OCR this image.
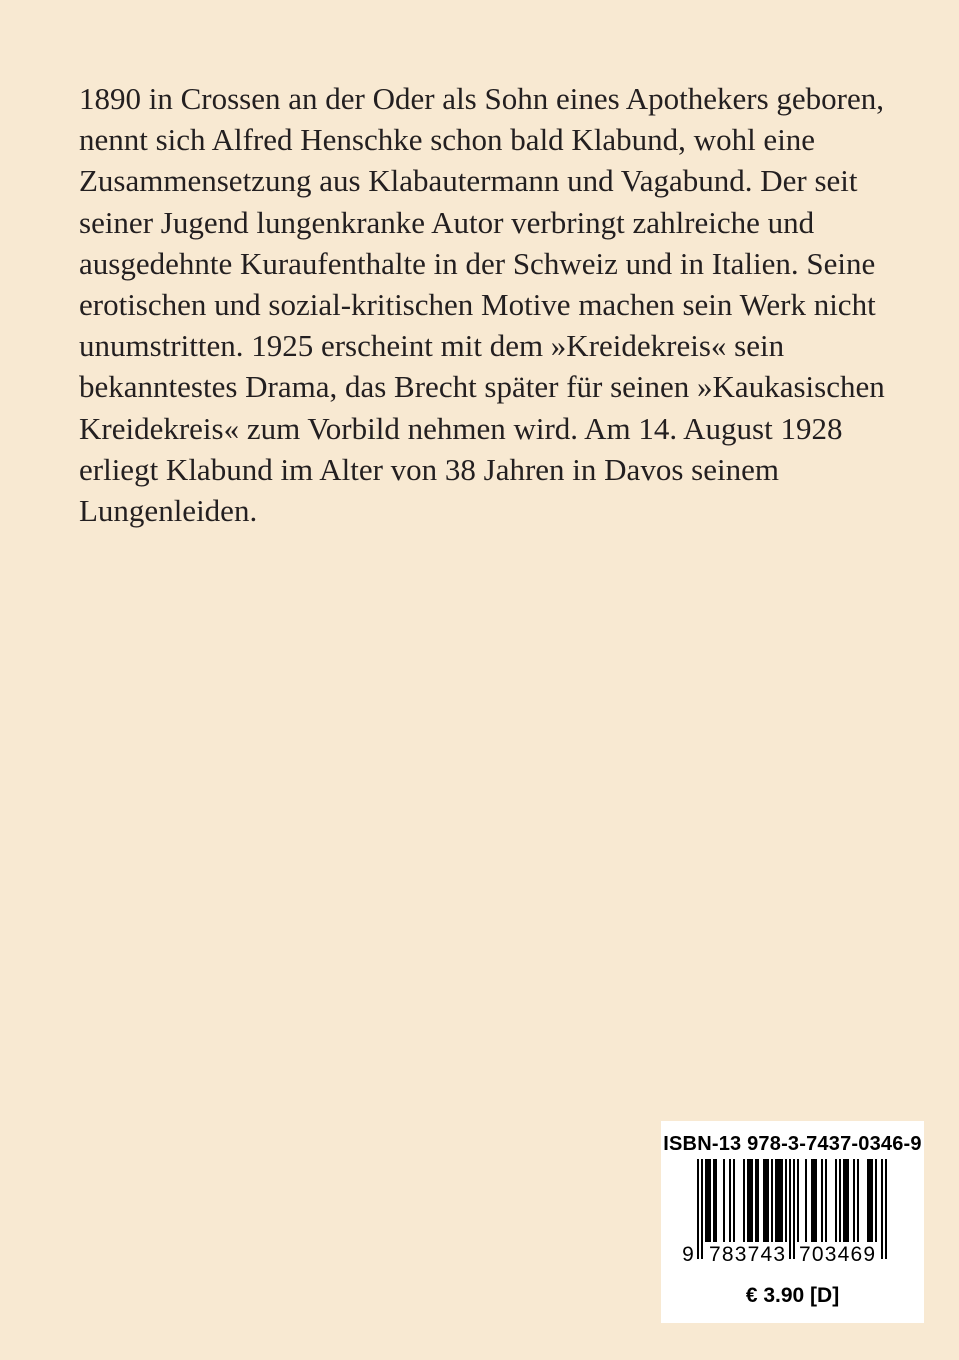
1890 in Crossen an der Oder als Sohn eines Apothekers geboren,
nennt sich Alfred Henschke schon bald Klabund, wohl eine
Zusammensetzung aus Klabautermann und Vagabund. Der seit
seiner Jugend lungenkranke Autor verbringt zahlreiche und
ausgedehnte Kuraufenthalte in der Schweiz und in Italien. Seine
erotischen und sozial-kritischen Motive machen sein Werk nicht
unumstritten. 1925 erscheint mit dem »Kreidekreis« sein
bekanntestes Drama, das Brecht später für seinen »Kaukasischen
Kreidekreis« zum Vorbild nehmen wird. Am 14. August 1928
erliegt Klabund im Alter von 38 Jahren in Davos seinem
Lungenleiden.
ISBN-13 978-3-7437-0346-9
9 783743 703469
€ 3.90 [D]
